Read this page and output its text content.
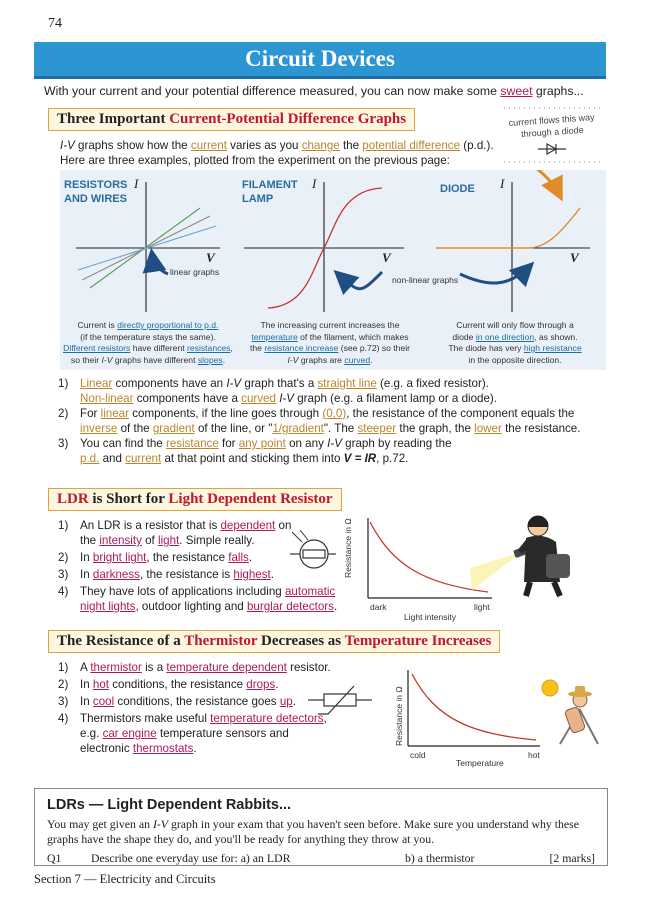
74
Circuit Devices
With your current and your potential difference measured, you can now make some sweet graphs...
Three Important Current-Potential Difference Graphs	current flows this way
through a diode
I-V graphs show how the current varies as you change the potential difference (p.d.).
Here are three examples, plotted from the experiment on the previous page:
RESISTORS
AND WIRES
FILAMENT
LAMP
DIODE
I
V
I
V
I
V
linear graphs
non-linear graphs
Current is directly proportional to p.d.
(if the temperature stays the same).
Different resistors have different resistances,
so their I-V graphs have different slopes.
The increasing current increases the
temperature of the filament, which makes
the resistance increase (see p.72) so their
I-V graphs are curved.
Current will only flow through a
diode in one direction, as shown.
The diode has very high resistance
in the opposite direction.
1) Linear components have an I-V graph that's a straight line (e.g. a fixed resistor).
Non-linear components have a curved I-V graph (e.g. a filament lamp or a diode).
2) For linear components, if the line goes through (0,0), the resistance of the component equals the
inverse of the gradient of the line, or "1/gradient". The steeper the graph, the lower the resistance.
3) You can find the resistance for any point on any I-V graph by reading the
p.d. and current at that point and sticking them into V = IR, p.72.
LDR is Short for Light Dependent Resistor
1) An LDR is a resistor that is dependent on
the intensity of light. Simple really.
2) In bright light, the resistance falls.
3) In darkness, the resistance is highest.
4) They have lots of applications including automatic
night lights, outdoor lighting and burglar detectors.
Resistance in Ω
dark	light
Light intensity
The Resistance of a Thermistor Decreases as Temperature Increases
1) A thermistor is a temperature dependent resistor.
2) In hot conditions, the resistance drops.
3) In cool conditions, the resistance goes up.
4) Thermistors make useful temperature detectors,
e.g. car engine temperature sensors and
electronic thermostats.
Resistance in Ω
cold	hot
Temperature
LDRs — Light Dependent Rabbits...
You may get given an I-V graph in your exam that you haven't seen before. Make sure you understand why these
graphs have the shape they do, and you'll be ready for anything they throw at you.
Q1	Describe one everyday use for: a) an LDR	b) a thermistor	[2 marks]
Section 7 — Electricity and Circuits
